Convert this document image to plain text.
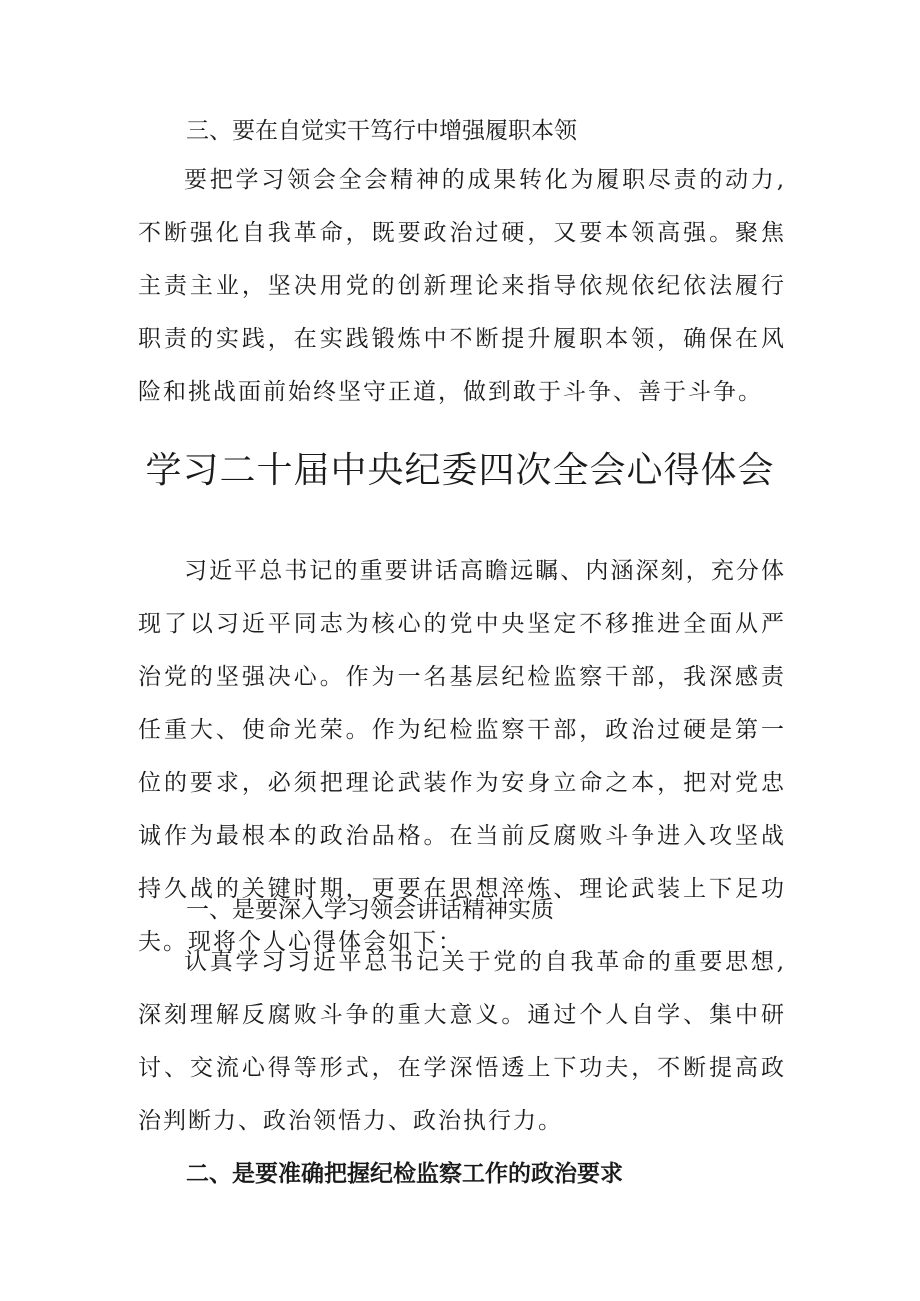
三、要在自觉实干笃行中增强履职本领
要把学习领会全会精神的成果转化为履职尽责的动力,不断强化自我革命，既要政治过硬，又要本领高强。聚焦主责主业，坚决用党的创新理论来指导依规依纪依法履行职责的实践，在实践锻炼中不断提升履职本领，确保在风险和挑战面前始终坚守正道，做到敢于斗争、善于斗争。
学习二十届中央纪委四次全会心得体会
习近平总书记的重要讲话高瞻远瞩、内涵深刻，充分体现了以习近平同志为核心的党中央坚定不移推进全面从严治党的坚强决心。作为一名基层纪检监察干部，我深感责任重大、使命光荣。作为纪检监察干部，政治过硬是第一位的要求，必须把理论武装作为安身立命之本，把对党忠诚作为最根本的政治品格。在当前反腐败斗争进入攻坚战持久战的关键时期，更要在思想淬炼、理论武装上下足功夫。现将个人心得体会如下：
一、是要深入学习领会讲话精神实质
认真学习习近平总书记关于党的自我革命的重要思想,深刻理解反腐败斗争的重大意义。通过个人自学、集中研讨、交流心得等形式，在学深悟透上下功夫，不断提高政治判断力、政治领悟力、政治执行力。
二、是要准确把握纪检监察工作的政治要求
